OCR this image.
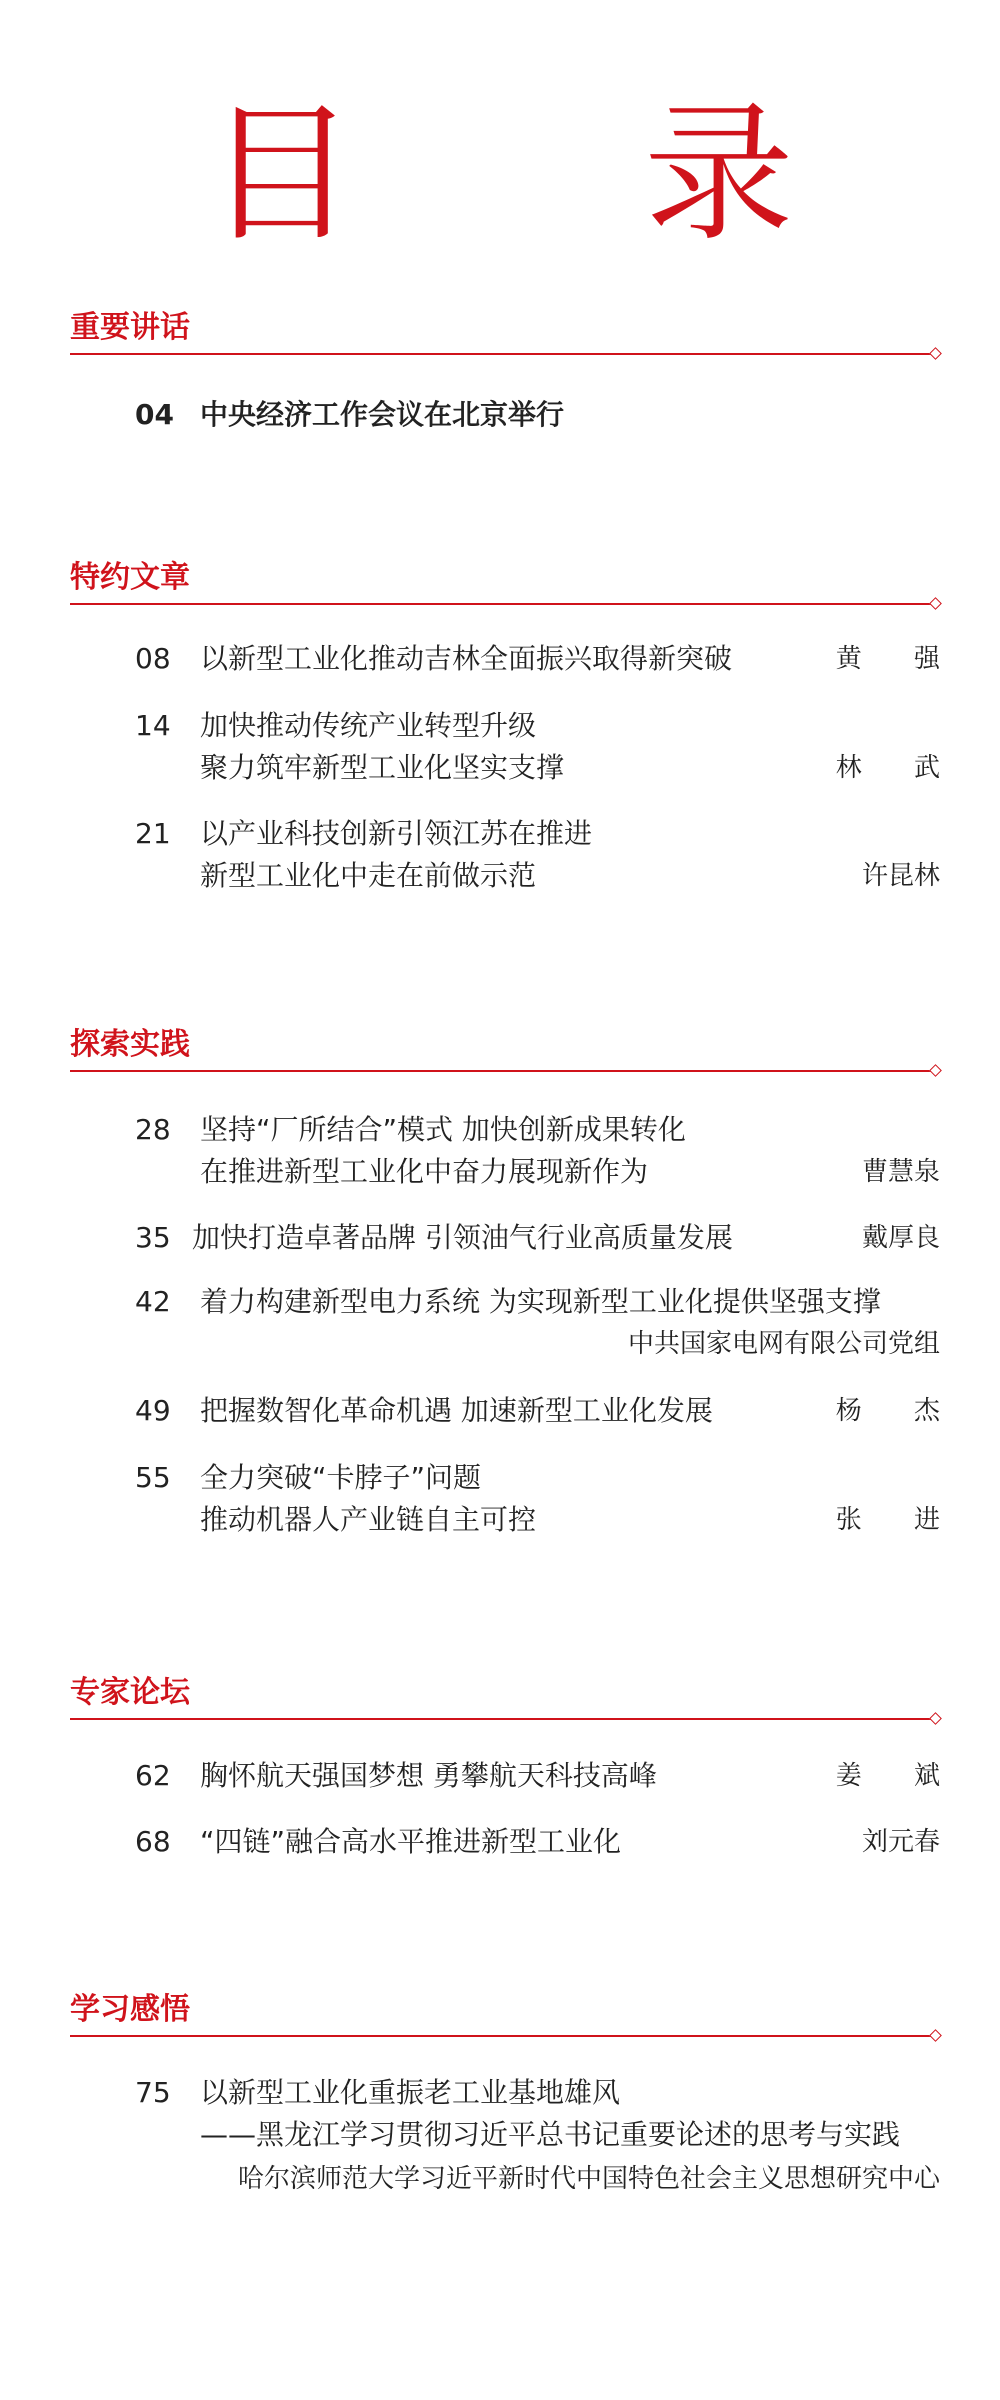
目 录
重要讲话
04 中央经济工作会议在北京举行
特约文章
08 以新型工业化推动吉林全面振兴取得新突破	黄 强
14 加快推动传统产业转型升级
聚力筑牢新型工业化坚实支撑	林 武
21 以产业科技创新引领江苏在推进
新型工业化中走在前做示范	许昆林
探索实践
28 坚持“厂所结合”模式 加快创新成果转化
在推进新型工业化中奋力展现新作为	曹慧泉
35 加快打造卓著品牌 引领油气行业高质量发展	戴厚良
42 着力构建新型电力系统 为实现新型工业化提供坚强支撑
中共国家电网有限公司党组
49 把握数智化革命机遇 加速新型工业化发展	杨 杰
55 全力突破“卡脖子”问题
推动机器人产业链自主可控	张 进
专家论坛
62 胸怀航天强国梦想 勇攀航天科技高峰	姜 斌
68 “四链”融合高水平推进新型工业化	刘元春
学习感悟
75 以新型工业化重振老工业基地雄风
——黑龙江学习贯彻习近平总书记重要论述的思考与实践
哈尔滨师范大学习近平新时代中国特色社会主义思想研究中心
